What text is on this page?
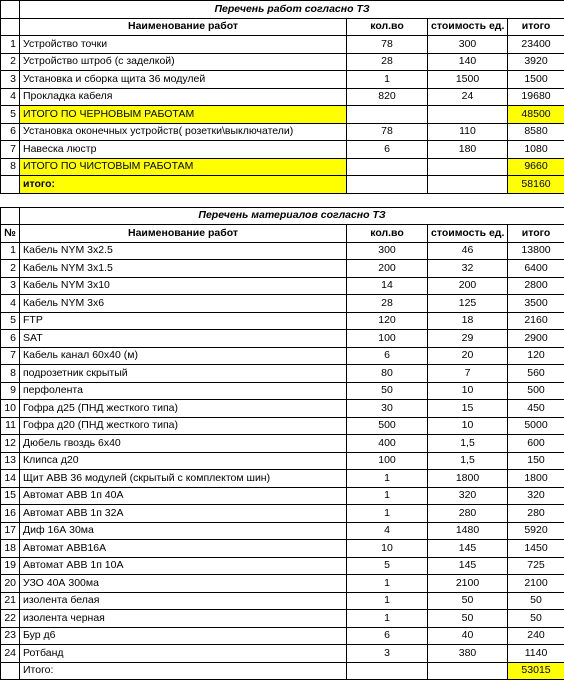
	Перечень работ согласно ТЗ			
	Наименование работ	кол.во	стоимость ед.	итого
1	Устройство точки	78	300	23400
2	Устройство штроб (с заделкой)	28	140	3920
3	Установка и сборка щита 36 модулей	1	1500	1500
4	Прокладка кабеля	820	24	19680
5	ИТОГО ПО ЧЕРНОВЫМ РАБОТАМ			48500
6	Установка оконечных устройств( розетки\выключатели)	78	110	8580
7	Навеска люстр	6	180	1080
8	ИТОГО ПО ЧИСТОВЫМ РАБОТАМ			9660
	итого:			58160

	Перечень материалов согласно ТЗ			
№	Наименование работ	кол.во	стоимость ед.	итого
1	Кабель NYM 3х2.5	300	46	13800
2	Кабель NYM 3х1.5	200	32	6400
3	Кабель NYM 3х10	14	200	2800
4	Кабель NYM 3х6	28	125	3500
5	FTP	120	18	2160
6	SAT	100	29	2900
7	Кабель канал 60х40 (м)	6	20	120
8	подрозетник скрытый	80	7	560
9	перфолента	50	10	500
10	Гофра д25 (ПНД жесткого типа)	30	15	450
11	Гофра д20 (ПНД жесткого типа)	500	10	5000
12	Дюбель гвоздь 6х40	400	1,5	600
13	Клипса д20	100	1,5	150
14	Щит ABB 36 модулей (скрытый с комплектом шин)	1	1800	1800
15	Автомат ABB 1п 40А	1	320	320
16	Автомат ABB 1п 32А	1	280	280
17	Диф 16А 30ма	4	1480	5920
18	Автомат ABB16А	10	145	1450
19	Автомат ABB 1п 10А	5	145	725
20	УЗО 40А 300ма	1	2100	2100
21	изолента белая	1	50	50
22	изолента черная	1	50	50
23	Бур д6	6	40	240
24	Ротбанд	3	380	1140
	Итого:			53015
